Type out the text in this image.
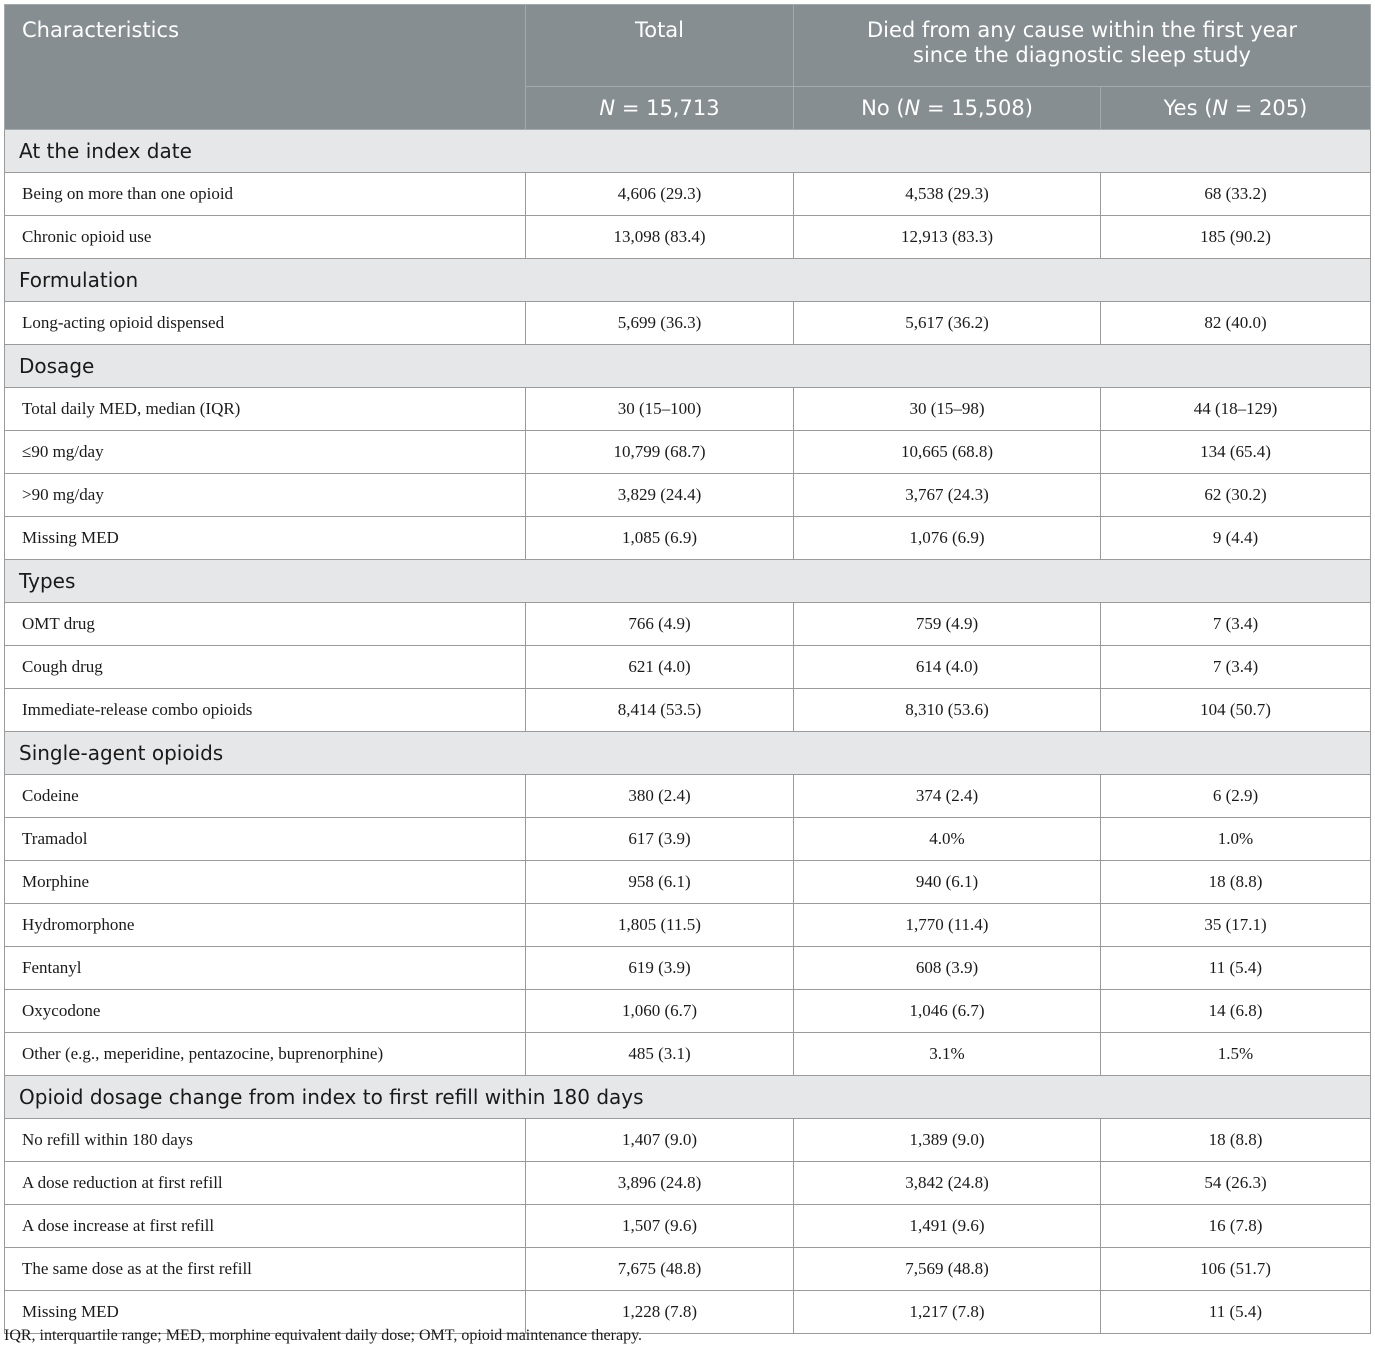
Characteristics	Total	Died from any cause within the first year
since the diagnostic sleep study	
	N = 15,713	No (N = 15,508)	Yes (N = 205)
At the index date			
Being on more than one opioid	4,606 (29.3)	4,538 (29.3)	68 (33.2)
Chronic opioid use	13,098 (83.4)	12,913 (83.3)	185 (90.2)
Formulation			
Long-acting opioid dispensed	5,699 (36.3)	5,617 (36.2)	82 (40.0)
Dosage			
Total daily MED, median (IQR)	30 (15–100)	30 (15–98)	44 (18–129)
≤90 mg/day	10,799 (68.7)	10,665 (68.8)	134 (65.4)
>90 mg/day	3,829 (24.4)	3,767 (24.3)	62 (30.2)
Missing MED	1,085 (6.9)	1,076 (6.9)	9 (4.4)
Types			
OMT drug	766 (4.9)	759 (4.9)	7 (3.4)
Cough drug	621 (4.0)	614 (4.0)	7 (3.4)
Immediate-release combo opioids	8,414 (53.5)	8,310 (53.6)	104 (50.7)
Single-agent opioids			
Codeine	380 (2.4)	374 (2.4)	6 (2.9)
Tramadol	617 (3.9)	4.0%	1.0%
Morphine	958 (6.1)	940 (6.1)	18 (8.8)
Hydromorphone	1,805 (11.5)	1,770 (11.4)	35 (17.1)
Fentanyl	619 (3.9)	608 (3.9)	11 (5.4)
Oxycodone	1,060 (6.7)	1,046 (6.7)	14 (6.8)
Other (e.g., meperidine, pentazocine, buprenorphine)	485 (3.1)	3.1%	1.5%
Opioid dosage change from index to first refill within 180 days			
No refill within 180 days	1,407 (9.0)	1,389 (9.0)	18 (8.8)
A dose reduction at first refill	3,896 (24.8)	3,842 (24.8)	54 (26.3)
A dose increase at first refill	1,507 (9.6)	1,491 (9.6)	16 (7.8)
The same dose as at the first refill	7,675 (48.8)	7,569 (48.8)	106 (51.7)
Missing MED	1,228 (7.8)	1,217 (7.8)	11 (5.4)
IQR, interquartile range; MED, morphine equivalent daily dose; OMT, opioid maintenance therapy.
